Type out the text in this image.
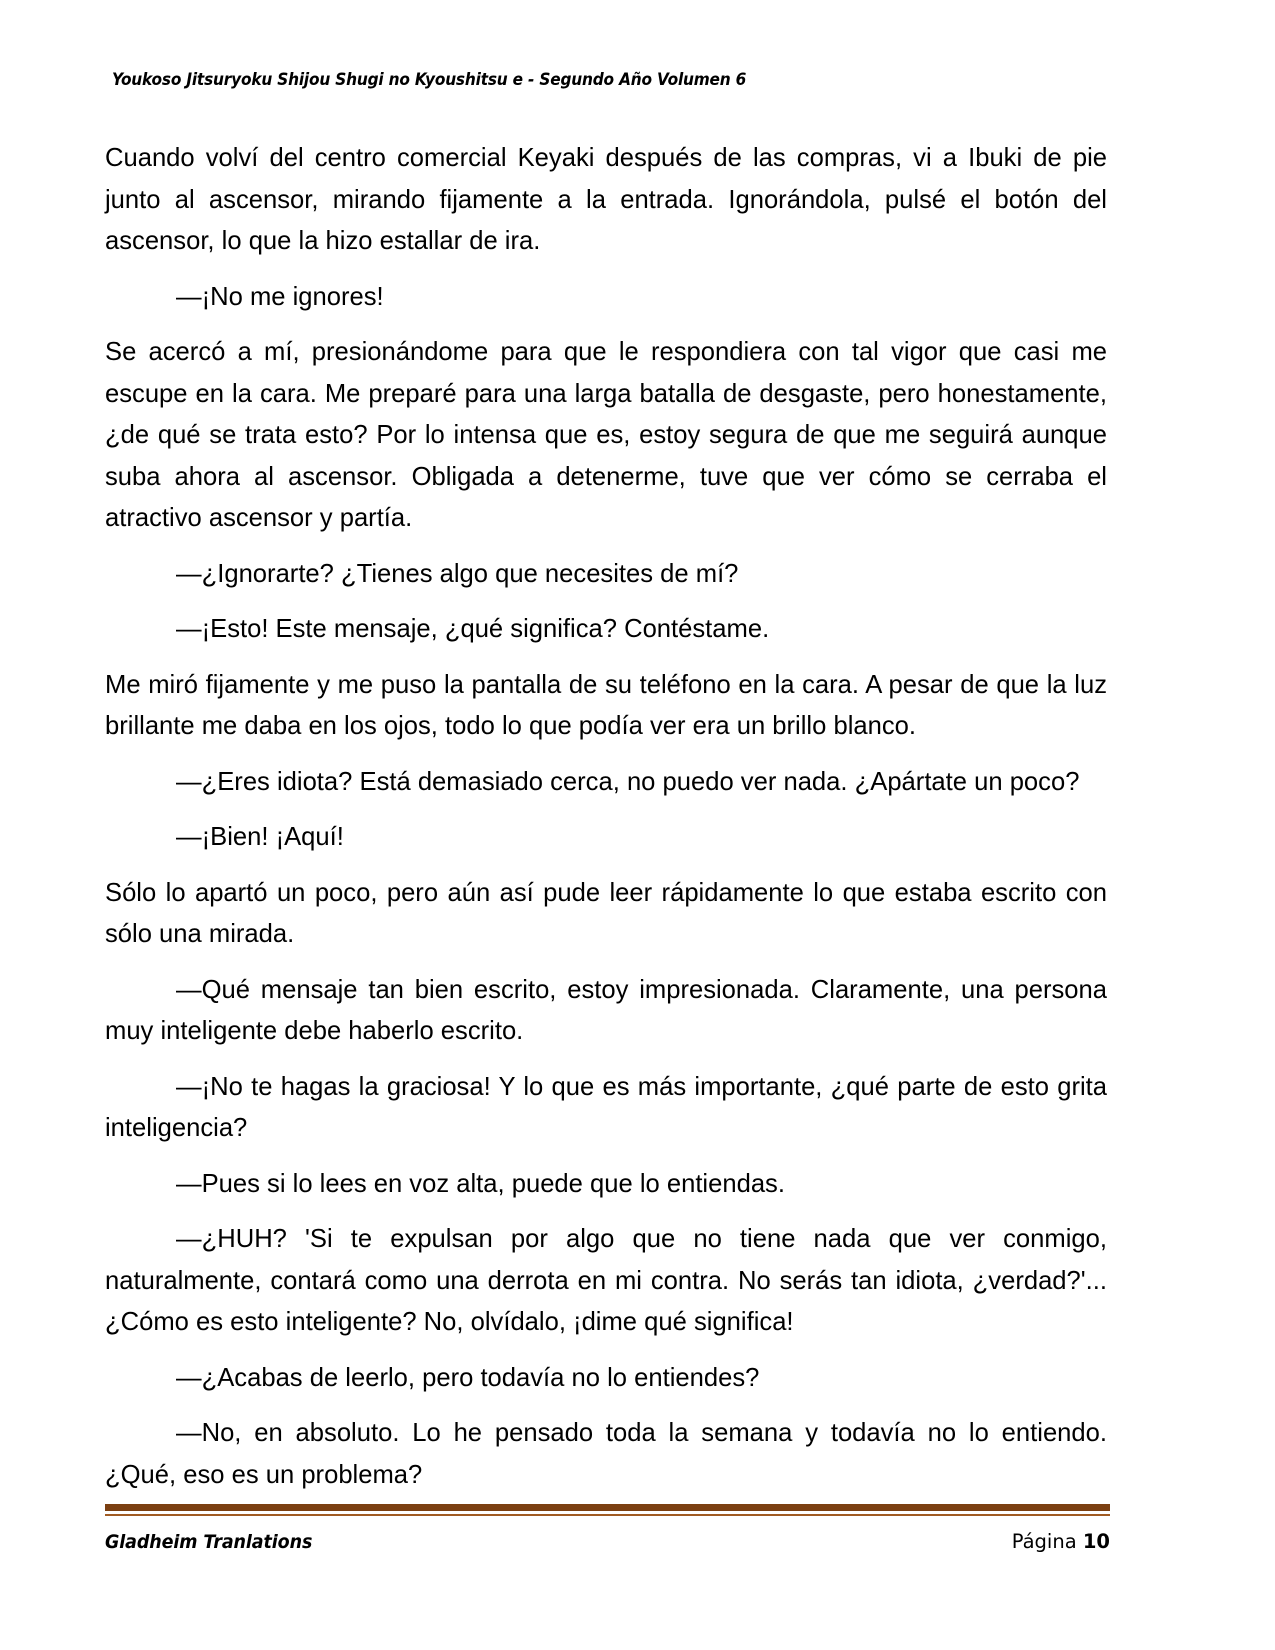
Youkoso Jitsuryoku Shijou Shugi no Kyoushitsu e - Segundo Año Volumen 6

Cuando volví del centro comercial Keyaki después de las compras, vi a Ibuki de pie junto al ascensor, mirando fijamente a la entrada. Ignorándola, pulsé el botón del ascensor, lo que la hizo estallar de ira.

—¡No me ignores!

Se acercó a mí, presionándome para que le respondiera con tal vigor que casi me escupe en la cara. Me preparé para una larga batalla de desgaste, pero honestamente, ¿de qué se trata esto? Por lo intensa que es, estoy segura de que me seguirá aunque suba ahora al ascensor. Obligada a detenerme, tuve que ver cómo se cerraba el atractivo ascensor y partía.

—¿Ignorarte? ¿Tienes algo que necesites de mí?

—¡Esto! Este mensaje, ¿qué significa? Contéstame.

Me miró fijamente y me puso la pantalla de su teléfono en la cara. A pesar de que la luz brillante me daba en los ojos, todo lo que podía ver era un brillo blanco.

—¿Eres idiota? Está demasiado cerca, no puedo ver nada. ¿Apártate un poco?

—¡Bien! ¡Aquí!

Sólo lo apartó un poco, pero aún así pude leer rápidamente lo que estaba escrito con sólo una mirada.

—Qué mensaje tan bien escrito, estoy impresionada. Claramente, una persona muy inteligente debe haberlo escrito.

—¡No te hagas la graciosa! Y lo que es más importante, ¿qué parte de esto grita inteligencia?

—Pues si lo lees en voz alta, puede que lo entiendas.

—¿HUH? 'Si te expulsan por algo que no tiene nada que ver conmigo, naturalmente, contará como una derrota en mi contra. No serás tan idiota, ¿verdad?'... ¿Cómo es esto inteligente? No, olvídalo, ¡dime qué significa!

—¿Acabas de leerlo, pero todavía no lo entiendes?

—No, en absoluto. Lo he pensado toda la semana y todavía no lo entiendo. ¿Qué, eso es un problema?

Gladheim Tranlations	Página 10
